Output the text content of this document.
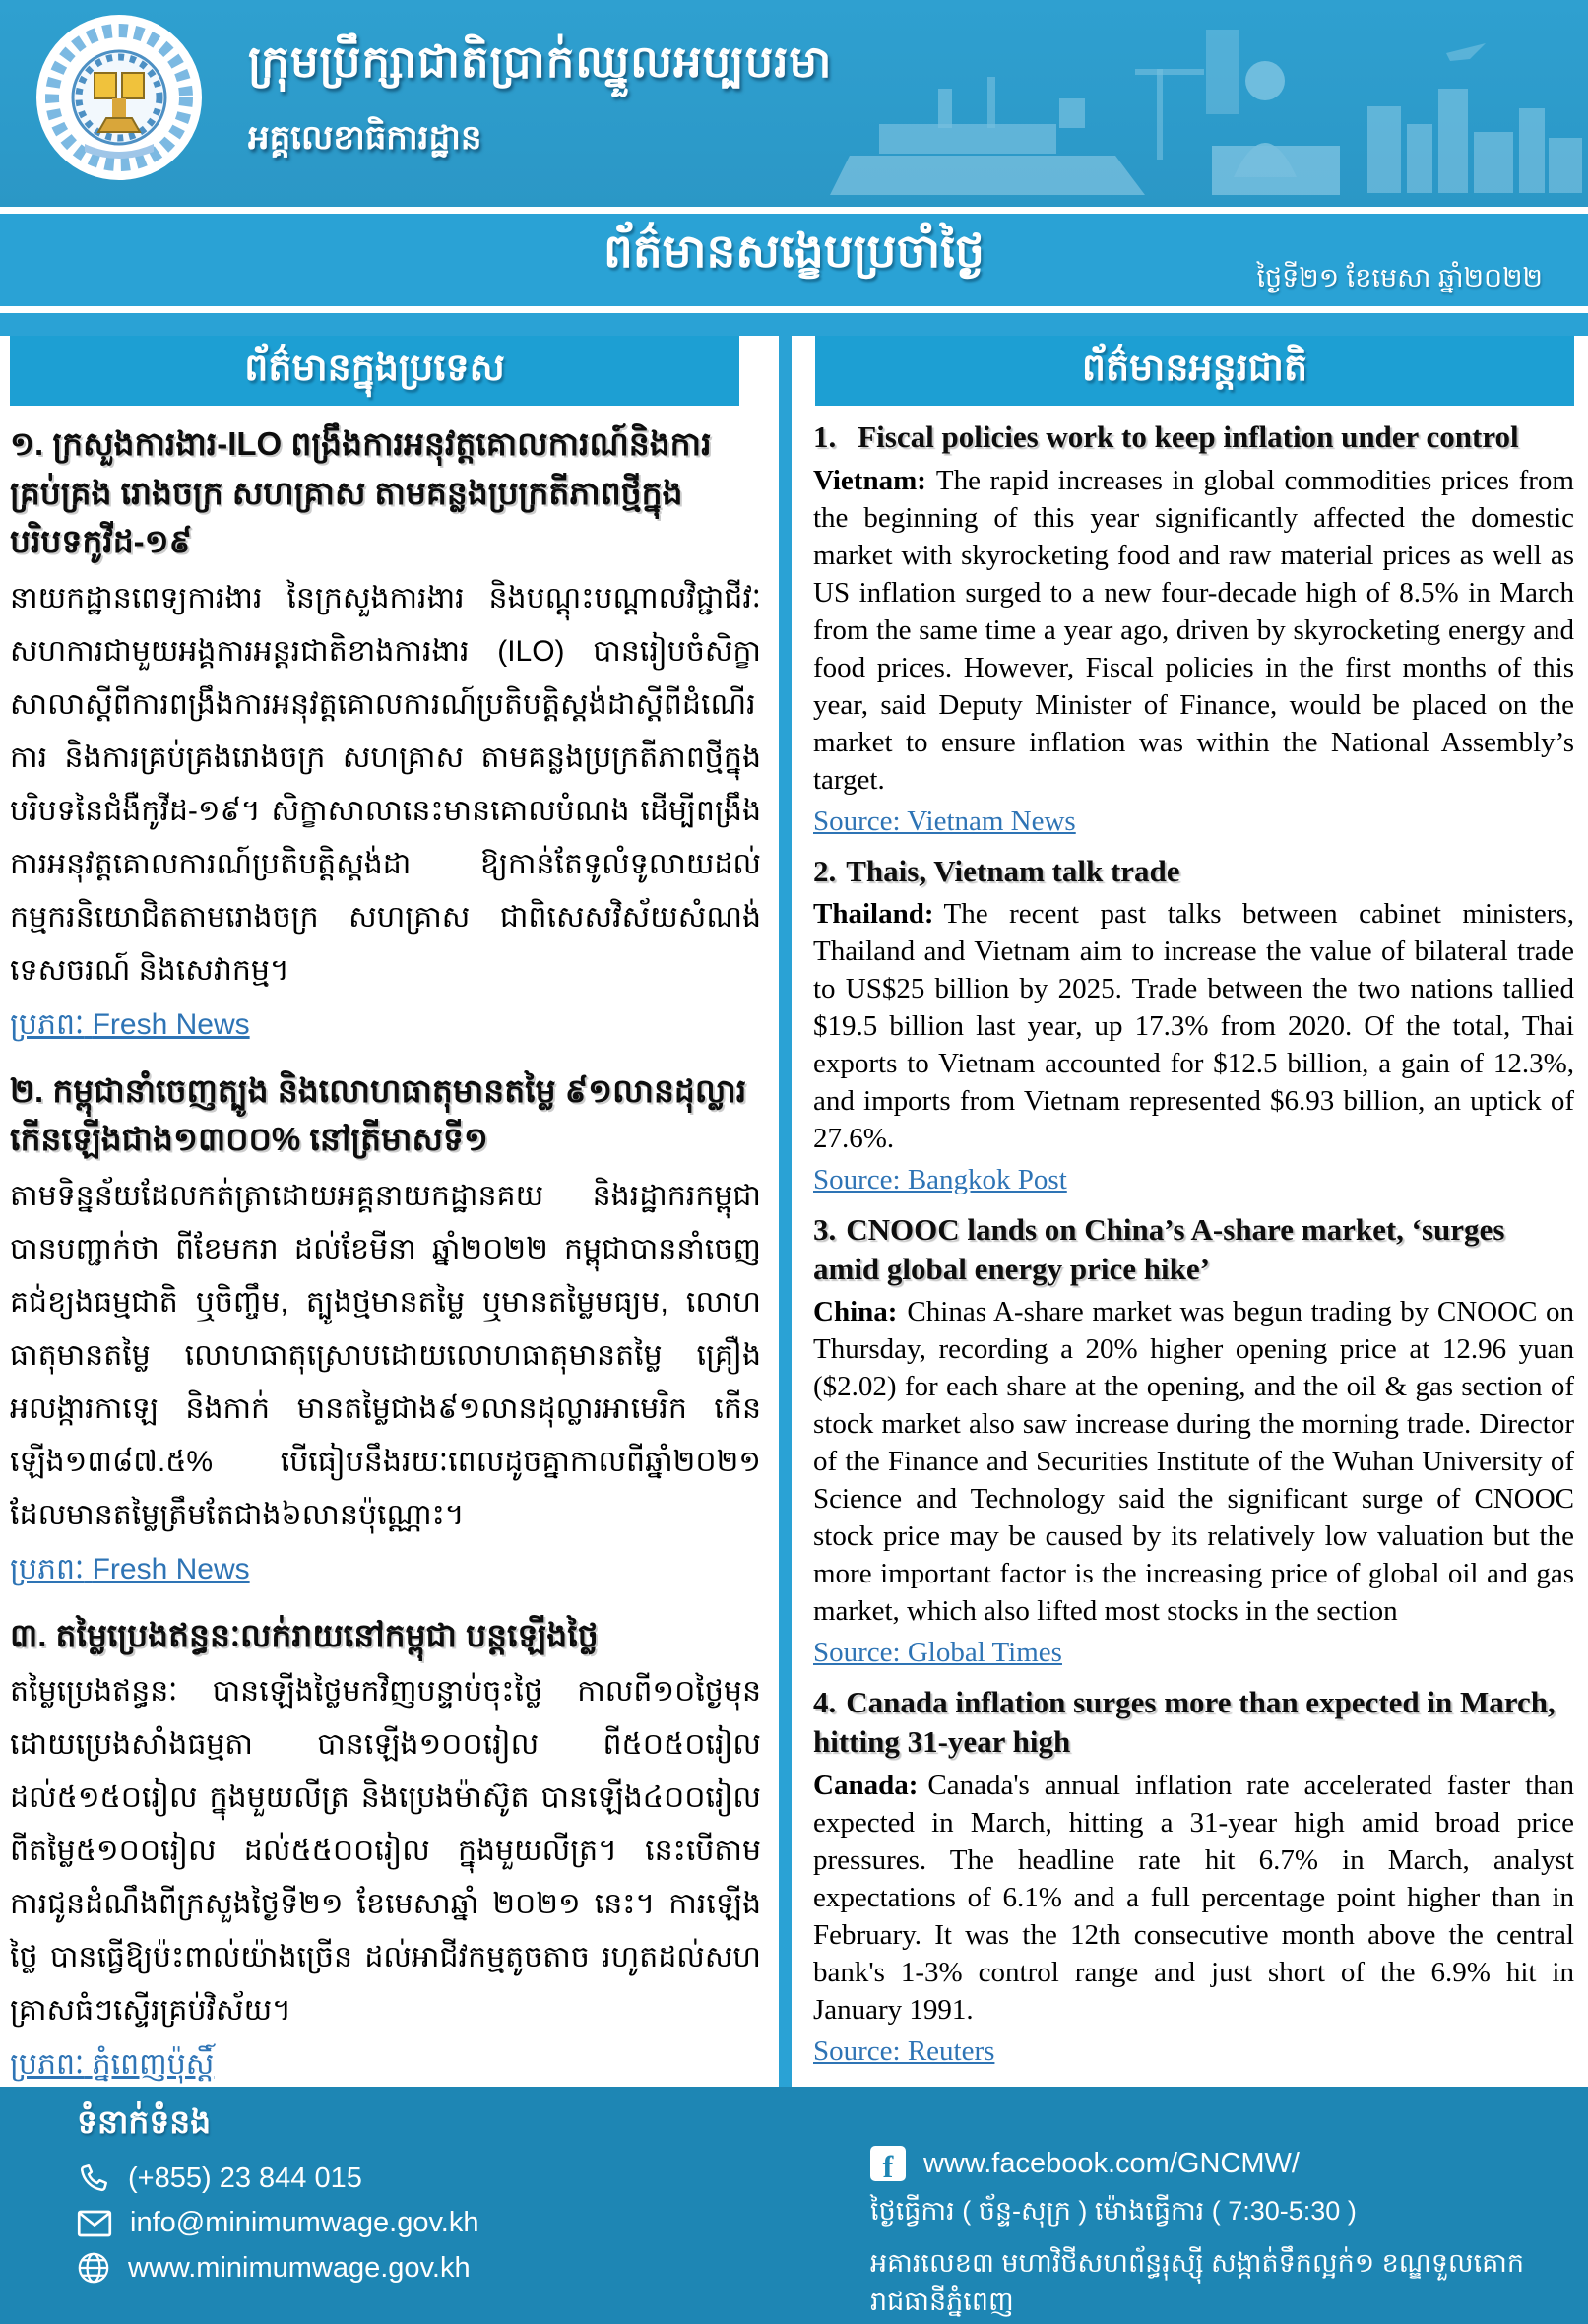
ក្រុមប្រឹក្សាជាតិប្រាក់ឈ្នួលអប្បបរមា
អគ្គលេខាធិការដ្ឋាន
ព័ត៌មានសង្ខេបប្រចាំថ្ងៃ
ថ្ងៃទី២១ ខែមេសា ឆ្នាំ២០២២
ព័ត៌មានក្នុងប្រទេស
១. ក្រសួងការងារ-ILO ពង្រឹងការអនុវត្តគោលការណ៍និងការគ្រប់គ្រង រោងចក្រ សហគ្រាស តាមគន្លងប្រក្រតីភាពថ្មីក្នុងបរិបទកូវីដ-១៩
នាយកដ្ឋានពេទ្យការងារ នៃក្រសួងការងារ និងបណ្តុះបណ្តាលវិជ្ជាជីវៈ សហការជាមួយអង្គការអន្តរជាតិខាងការងារ (ILO) បានរៀបចំសិក្ខាសាលាស្តីពីការពង្រឹងការអនុវត្តគោលការណ៍ប្រតិបត្តិស្តង់ដាស្តីពីដំណើរការ និងការគ្រប់គ្រងរោងចក្រ សហគ្រាស តាមគន្លងប្រក្រតីភាពថ្មីក្នុងបរិបទនៃជំងឺកូវីដ-១៩។ សិក្ខាសាលានេះមានគោលបំណង ដើម្បីពង្រឹងការអនុវត្តគោលការណ៍ប្រតិបត្តិស្តង់ដា ឱ្យកាន់តែទូលំទូលាយដល់កម្មករនិយោជិតតាមរោងចក្រ សហគ្រាស ជាពិសេសវិស័យសំណង់ ទេសចរណ៍ និងសេវាកម្ម។
ប្រភពៈ Fresh News
២. កម្ពុជានាំចេញត្បូង និងលោហធាតុមានតម្លៃ ៩១លានដុល្លារ កើនឡើងជាង១៣០០% នៅត្រីមាសទី១
តាមទិន្នន័យដែលកត់ត្រាដោយអគ្គនាយកដ្ឋានគយ និងរដ្ឋាករកម្ពុជា បានបញ្ជាក់ថា ពីខែមករា ដល់ខែមីនា ឆ្នាំ២០២២ កម្ពុជាបាននាំចេញ គជ់ខ្យងធម្មជាតិ ឬចិញ្ចឹម, ត្បូងថ្មមានតម្លៃ ឬមានតម្លៃមធ្យម, លោហធាតុមានតម្លៃ លោហធាតុស្រោបដោយលោហធាតុមានតម្លៃ គ្រឿងអលង្ការកាឡេ និងកាក់ មានតម្លៃជាង៩១លានដុល្លារអាមេរិក កើនឡើង១៣៨៧.៥% បើធៀបនឹងរយៈពេលដូចគ្នាកាលពីឆ្នាំ២០២១ ដែលមានតម្លៃត្រឹមតែជាង៦លានប៉ុណ្ណោះ។
ប្រភពៈ Fresh News
៣. តម្លៃប្រេងឥន្ធនៈលក់រាយនៅកម្ពុជា បន្តឡើងថ្លៃ
តម្លៃប្រេងឥន្ធនៈ បានឡើងថ្លៃមកវិញបន្ទាប់ចុះថ្លៃ កាលពី១០ថ្ងៃមុន ដោយប្រេងសាំងធម្មតា បានឡើង១០០រៀល ពី៥០៥០រៀល ដល់៥១៥០រៀល ក្នុងមួយលីត្រ និងប្រេងម៉ាស៊ូត បានឡើង៤០០រៀល ពីតម្លៃ៥១០០រៀល ដល់៥៥០០រៀល ក្នុងមួយលីត្រ។ នេះបើតាមការជូនដំណឹងពីក្រសួងថ្ងៃទី២១ ខែមេសាឆ្នាំ ២០២១ នេះ។ ការឡើងថ្លៃ បានធ្វើឱ្យប៉ះពាល់យ៉ាងច្រើន ដល់អាជីវកម្មតូចតាច រហូតដល់សហគ្រាសធំៗស្ទើរគ្រប់វិស័យ។
ប្រភពៈ ភ្នំពេញប៉ុស្តិ៍
ព័ត៌មានអន្តរជាតិ
1. Fiscal policies work to keep inflation under control
Vietnam: The rapid increases in global commodities prices from the beginning of this year significantly affected the domestic market with skyrocketing food and raw material prices as well as US inflation surged to a new four-decade high of 8.5% in March from the same time a year ago, driven by skyrocketing energy and food prices. However, Fiscal policies in the first months of this year, said Deputy Minister of Finance, would be placed on the market to ensure inflation was within the National Assembly’s target.
Source: Vietnam News
2. Thais, Vietnam talk trade
Thailand: The recent past talks between cabinet ministers, Thailand and Vietnam aim to increase the value of bilateral trade to US$25 billion by 2025. Trade between the two nations tallied $19.5 billion last year, up 17.3% from 2020. Of the total, Thai exports to Vietnam accounted for $12.5 billion, a gain of 12.3%, and imports from Vietnam represented $6.93 billion, an uptick of 27.6%.
Source: Bangkok Post
3. CNOOC lands on China’s A-share market, ‘surges amid global energy price hike’
China: Chinas A-share market was begun trading by CNOOC on Thursday, recording a 20% higher opening price at 12.96 yuan ($2.02) for each share at the opening, and the oil & gas section of stock market also saw increase during the morning trade. Director of the Finance and Securities Institute of the Wuhan University of Science and Technology said the significant surge of CNOOC stock price may be caused by its relatively low valuation but the more important factor is the increasing price of global oil and gas market, which also lifted most stocks in the section
Source: Global Times
4. Canada inflation surges more than expected in March, hitting 31-year high
Canada: Canada's annual inflation rate accelerated faster than expected in March, hitting a 31-year high amid broad price pressures. The headline rate hit 6.7% in March, analyst expectations of 6.1% and a full percentage point higher than in February. It was the 12th consecutive month above the central bank's 1-3% control range and just short of the 6.9% hit in January 1991.
Source: Reuters
ទំនាក់ទំនង
(+855) 23 844 015
info@minimumwage.gov.kh
www.minimumwage.gov.kh
f	www.facebook.com/GNCMW/
ថ្ងៃធ្វើការ ( ច័ន្ទ-សុក្រ ) ម៉ោងធ្វើការ ( 7:30-5:30 )
អគារលេខ៣ មហាវិថីសហព័ន្ធរុស្ស៊ី សង្កាត់ទឹកល្អក់១ ខណ្ឌទួលគោក រាជធានីភ្នំពេញ
